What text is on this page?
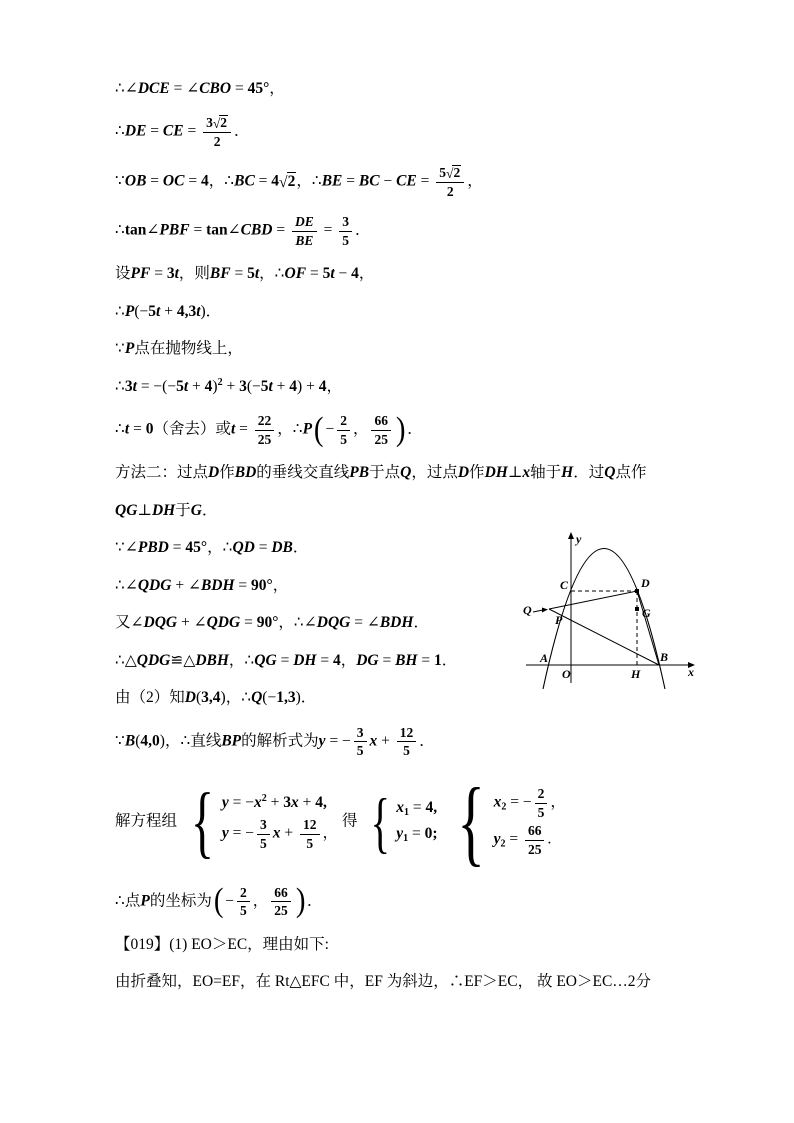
∴∠DCE = ∠CBO = 45°，
∴DE = CE = $\frac{3√2}{2}$ ．
∵OB = OC = 4，∴BC = 4√2，∴BE = BC − CE = $\frac{5√2}{2}$ ，
∴tan∠PBF = tan∠CBD = $\frac{DE}{BE} = \frac{3}{5}$ ．
设PF = 3t，则BF = 5t，∴OF = 5t − 4，
∴P(−5t + 4,3t)．
∵P点在抛物线上，
∴3t = $-(-5t + 4)^2 + 3(-5t + 4) + 4$，
∴t = 0（舍去）或$t = \frac{22}{25}$ ，∴P( − $\frac{2}{5}$ ， $\frac{66}{25}$ ) ．
方法二：过点D作BD的垂线交直线PB于点Q，过点D作DH⊥x轴于H．过Q点作
QG⊥DH于G．
∵∠PBD = 45°，∴QD = DB．
∴∠QDG + ∠BDH = 90°，
又∠DQG + ∠QDG = 90°，∴∠DQG = ∠BDH．
∴△QDG≌△DBH，∴QG = DH = 4，DG = BH = 1．
由（2）知D(3,4)，∴Q(−1,3)．
∵B(4,0)，∴直线BP的解析式为y = − $\frac{3}{5}$ $x + \frac{12}{5}$ ．
解方程组 { $y = -x^2 + 3x + 4$,
y = − $\frac{3}{5}$ $x + \frac{12}{5}$ ，
得 { x1 = 4,
y1 = 0; { x2 = − $\frac{2}{5}$ ，
$y2 = \frac{66}{25}$ .
∴点P的坐标为( − $\frac{2}{5}$ ， $\frac{66}{25}$ ) ．
【019】(1) EO＞EC，理由如下:
由折叠知，EO=EF，在 Rt△EFC 中，EF 为斜边，∴EF＞EC， 故 EO＞EC…2分
y
x
C	D
Q
P	G
A
O	H
B
